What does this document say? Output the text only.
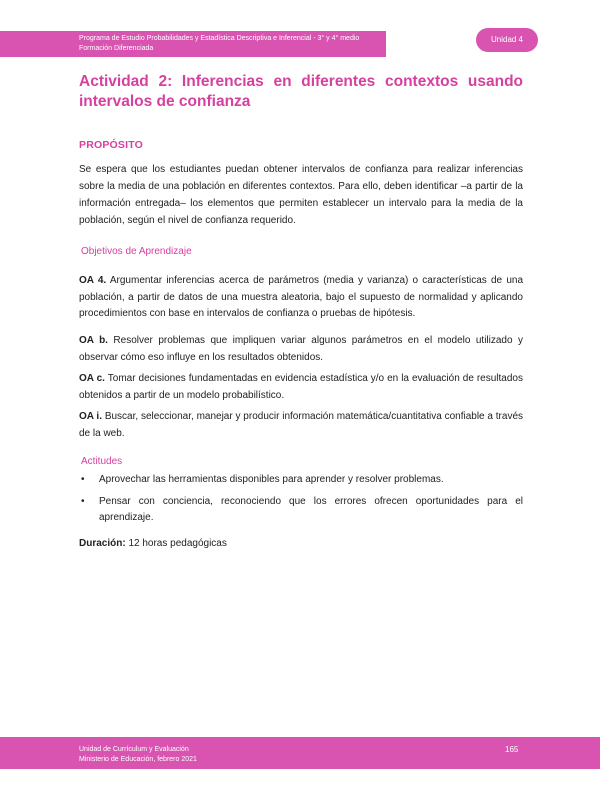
Programa de Estudio Probabilidades y Estadística Descriptiva e Inferencial - 3° y 4° medio
Formación Diferenciada
Unidad 4
Actividad 2: Inferencias en diferentes contextos usando intervalos de confianza
PROPÓSITO

Se espera que los estudiantes puedan obtener intervalos de confianza para realizar inferencias sobre la media de una población en diferentes contextos. Para ello, deben identificar –a partir de la información entregada– los elementos que permiten establecer un intervalo para la media de la población, según el nivel de confianza requerido.

Objetivos de Aprendizaje

OA 4. Argumentar inferencias acerca de parámetros (media y varianza) o características de una población, a partir de datos de una muestra aleatoria, bajo el supuesto de normalidad y aplicando procedimientos con base en intervalos de confianza o pruebas de hipótesis.

OA b. Resolver problemas que impliquen variar algunos parámetros en el modelo utilizado y observar cómo eso influye en los resultados obtenidos.

OA c. Tomar decisiones fundamentadas en evidencia estadística y/o en la evaluación de resultados obtenidos a partir de un modelo probabilístico.

OA i. Buscar, seleccionar, manejar y producir información matemática/cuantitativa confiable a través de la web.

Actitudes
• Aprovechar las herramientas disponibles para aprender y resolver problemas.
• Pensar con conciencia, reconociendo que los errores ofrecen oportunidades para el aprendizaje.

Duración: 12 horas pedagógicas

Unidad de Currículum y Evaluación
Ministerio de Educación, febrero 2021
165
